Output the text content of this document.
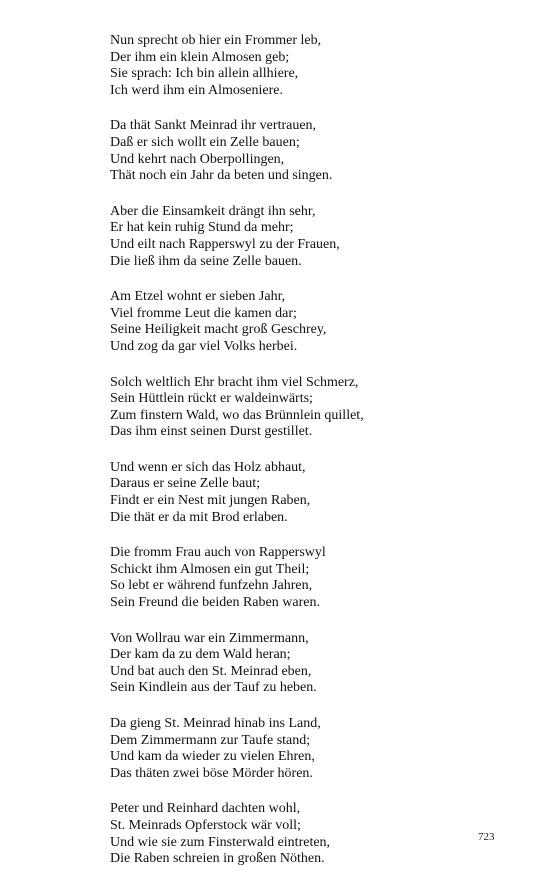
Nun sprecht ob hier ein Frommer leb,
Der ihm ein klein Almosen geb;
Sie sprach: Ich bin allein allhiere,
Ich werd ihm ein Almoseniere.
Da thät Sankt Meinrad ihr vertrauen,
Daß er sich wollt ein Zelle bauen;
Und kehrt nach Oberpollingen,
Thät noch ein Jahr da beten und singen.
Aber die Einsamkeit drängt ihn sehr,
Er hat kein ruhig Stund da mehr;
Und eilt nach Rapperswyl zu der Frauen,
Die ließ ihm da seine Zelle bauen.
Am Etzel wohnt er sieben Jahr,
Viel fromme Leut die kamen dar;
Seine Heiligkeit macht groß Geschrey,
Und zog da gar viel Volks herbei.
Solch weltlich Ehr bracht ihm viel Schmerz,
Sein Hüttlein rückt er waldeinwärts;
Zum finstern Wald, wo das Brünnlein quillet,
Das ihm einst seinen Durst gestillet.
Und wenn er sich das Holz abhaut,
Daraus er seine Zelle baut;
Findt er ein Nest mit jungen Raben,
Die thät er da mit Brod erlaben.
Die fromm Frau auch von Rapperswyl
Schickt ihm Almosen ein gut Theil;
So lebt er während funfzehn Jahren,
Sein Freund die beiden Raben waren.
Von Wollrau war ein Zimmermann,
Der kam da zu dem Wald heran;
Und bat auch den St. Meinrad eben,
Sein Kindlein aus der Tauf zu heben.
Da gieng St. Meinrad hinab ins Land,
Dem Zimmermann zur Taufe stand;
Und kam da wieder zu vielen Ehren,
Das thäten zwei böse Mörder hören.
Peter und Reinhard dachten wohl,
St. Meinrads Opferstock wär voll;
Und wie sie zum Finsterwald eintreten,
Die Raben schreien in großen Nöthen.
723
